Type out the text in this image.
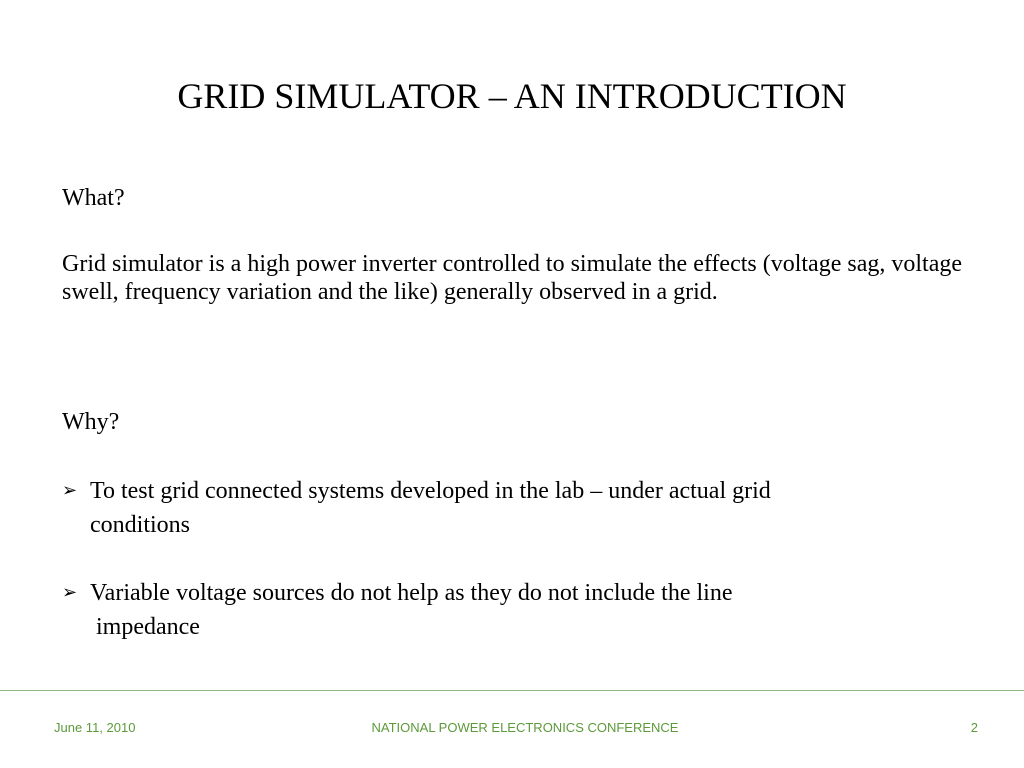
GRID SIMULATOR – AN INTRODUCTION
What?
Grid simulator is a high power inverter controlled to simulate the effects (voltage sag, voltage swell, frequency variation and the like) generally observed in a grid.
Why?
➢ To test grid connected systems developed in the lab – under actual grid
conditions
➢ Variable voltage sources do not help as they do not include the line
impedance
June 11, 2010	NATIONAL POWER ELECTRONICS CONFERENCE	2
